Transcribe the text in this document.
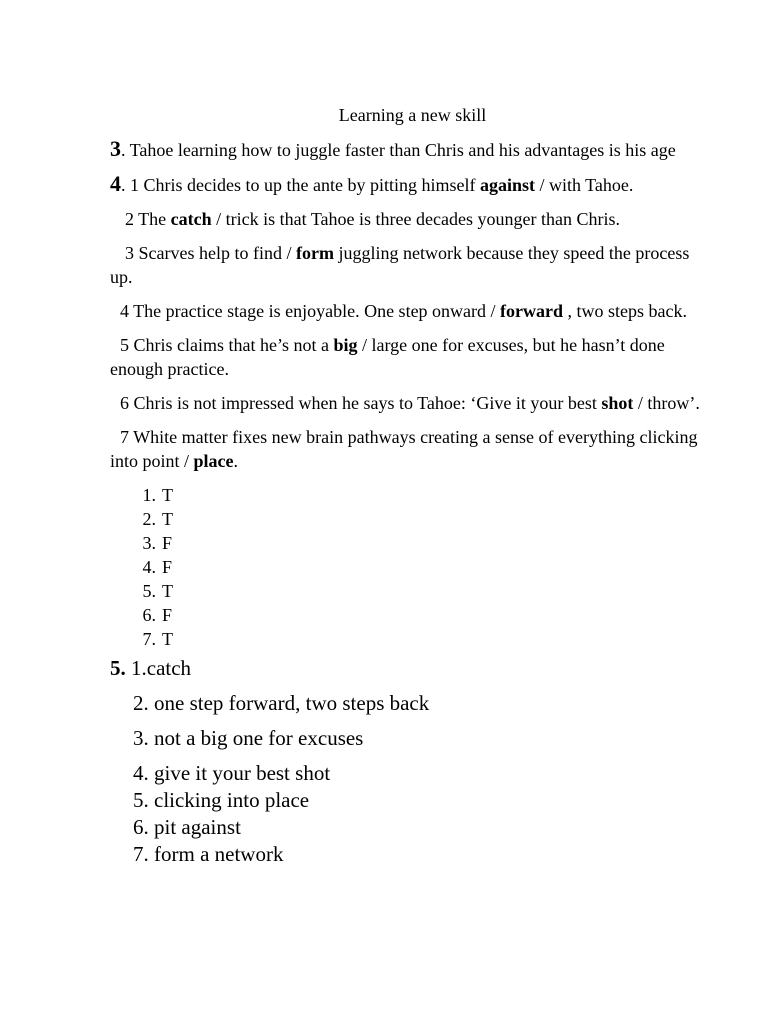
Learning a new skill
3. Tahoe learning how to juggle faster than Chris and his advantages is his age
4. 1 Chris decides to up the ante by pitting himself against / with Tahoe.
2 The catch / trick is that Tahoe is three decades younger than Chris.
3 Scarves help to find / form juggling network because they speed the process up.
4 The practice stage is enjoyable. One step onward / forward , two steps back.
5 Chris claims that he’s not a big / large one for excuses, but he hasn’t done enough practice.
6 Chris is not impressed when he says to Tahoe: ‘Give it your best shot / throw’.
7 White matter fixes new brain pathways creating a sense of everything clicking into point / place.
1. T
2. T
3. F
4. F
5. T
6. F
7. T
5. 1.catch
2. one step forward, two steps back
3. not a big one for excuses
4. give it your best shot
5. clicking into place
6. pit against
7. form a network
